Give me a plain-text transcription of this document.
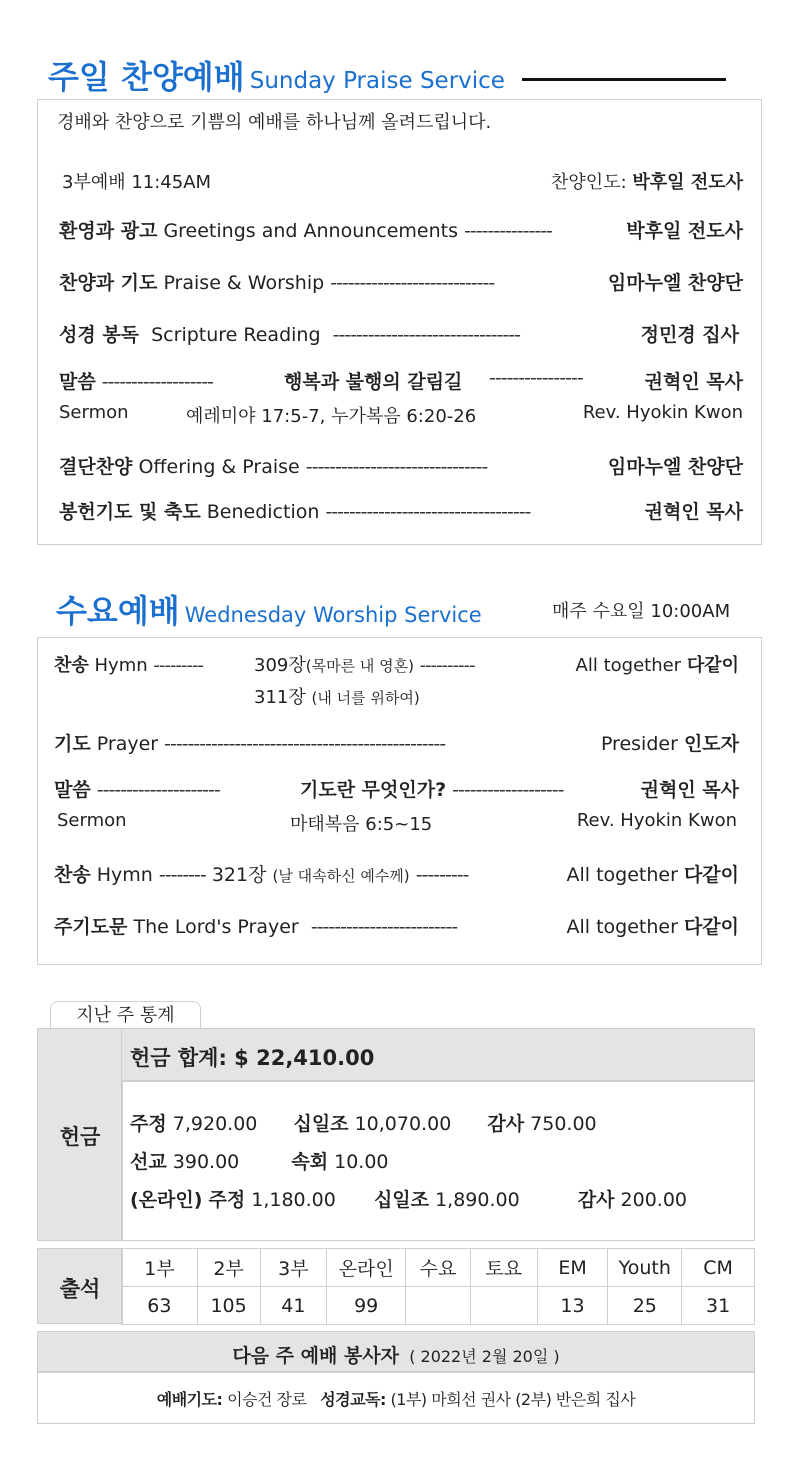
주일 찬양예배 Sunday Praise Service
경배와 찬양으로 기쁨의 예배를 하나님께 올려드립니다.
3부예배 11:45AM	찬양인도: 박후일 전도사
환영과 광고 Greetings and Announcements ---------------	박후일 전도사
찬양과 기도 Praise & Worship ----------------------------	임마누엘 찬양단
성경 봉독 Scripture Reading --------------------------------	정민경 집사
말씀 -------------------	행복과 불행의 갈림길 ----------------	권혁인 목사
Sermon	예레미야 17:5-7, 누가복음 6:20-26	Rev. Hyokin Kwon
결단찬양 Offering & Praise -------------------------------	임마누엘 찬양단
봉헌기도 및 축도 Benediction -----------------------------------	권혁인 목사
수요예배 Wednesday Worship Service	매주 수요일 10:00AM
찬송 Hymn ---------	309장(목마른 내 영혼) ----------	All together 다같이
311장 (내 너를 위하여)
기도 Prayer ------------------------------------------------	Presider 인도자
말씀 ---------------------	기도란 무엇인가? -------------------	권혁인 목사
Sermon	마태복음 6:5~15	Rev. Hyokin Kwon
찬송 Hymn -------- 321장 (날 대속하신 예수께) ---------	All together 다같이
주기도문 The Lord's Prayer -------------------------	All together 다같이
지난 주 통계
헌금
헌금 합계: $ 22,410.00
주정 7,920.00 십일조 10,070.00 감사 750.00
선교 390.00	속회 10.00
(온라인) 주정 1,180.00 십일조 1,890.00	감사 200.00
출석
1부	2부	3부	온라인	수요	토요	EM	Youth	CM
63	105	41	99			13	25	31
다음 주 예배 봉사자 ( 2022년 2월 20일 )
예배기도: 이승건 장로 성경교독: (1부) 마희선 권사 (2부) 반은희 집사
